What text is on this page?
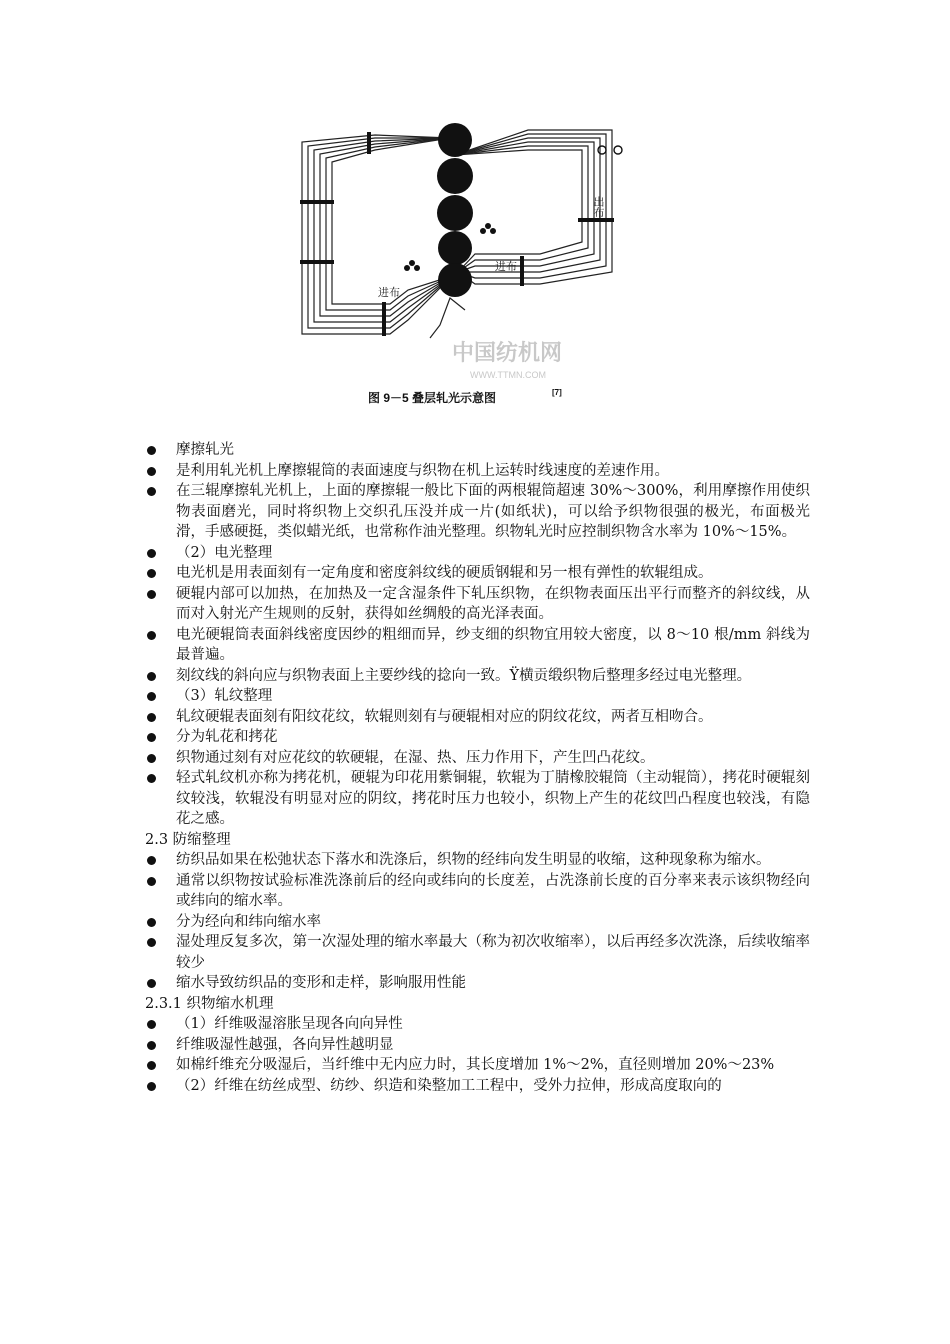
出布
进布
进布
中国纺机网
WWW.TTMN.COM
图 9－5 叠层轧光示意图	[7]
摩擦轧光
是利用轧光机上摩擦辊筒的表面速度与织物在机上运转时线速度的差速作用。
在三辊摩擦轧光机上，上面的摩擦辊一般比下面的两根辊筒超速 30%～300%，利用摩擦作用使织物表面磨光，同时将织物上交织孔压没并成一片(如纸状)，可以给予织物很强的极光，布面极光滑，手感硬挺，类似蜡光纸，也常称作油光整理。织物轧光时应控制织物含水率为 10%～15%。
（2）电光整理
电光机是用表面刻有一定角度和密度斜纹线的硬质钢辊和另一根有弹性的软辊组成。
硬辊内部可以加热，在加热及一定含湿条件下轧压织物，在织物表面压出平行而整齐的斜纹线，从而对入射光产生规则的反射，获得如丝绸般的高光泽表面。
电光硬辊筒表面斜线密度因纱的粗细而异，纱支细的织物宜用较大密度，以 8～10 根/mm 斜线为最普遍。
刻纹线的斜向应与织物表面上主要纱线的捻向一致。Ÿ横贡缎织物后整理多经过电光整理。
（3）轧纹整理
轧纹硬辊表面刻有阳纹花纹，软辊则刻有与硬辊相对应的阴纹花纹，两者互相吻合。
分为轧花和拷花
织物通过刻有对应花纹的软硬辊，在湿、热、压力作用下，产生凹凸花纹。
轻式轧纹机亦称为拷花机，硬辊为印花用紫铜辊，软辊为丁腈橡胶辊筒（主动辊筒），拷花时硬辊刻纹较浅，软辊没有明显对应的阴纹，拷花时压力也较小，织物上产生的花纹凹凸程度也较浅，有隐花之感。
2.3 防缩整理
纺织品如果在松弛状态下落水和洗涤后，织物的经纬向发生明显的收缩，这种现象称为缩水。
通常以织物按试验标准洗涤前后的经向或纬向的长度差，占洗涤前长度的百分率来表示该织物经向或纬向的缩水率。
分为经向和纬向缩水率
湿处理反复多次，第一次湿处理的缩水率最大（称为初次收缩率），以后再经多次洗涤，后续收缩率较少
缩水导致纺织品的变形和走样，影响服用性能
2.3.1 织物缩水机理
（1）纤维吸湿溶胀呈现各向向异性
纤维吸湿性越强，各向异性越明显
如棉纤维充分吸湿后，当纤维中无内应力时，其长度增加 1%～2%，直径则增加 20%～23%
（2）纤维在纺丝成型、纺纱、织造和染整加工工程中，受外力拉伸，形成高度取向的
